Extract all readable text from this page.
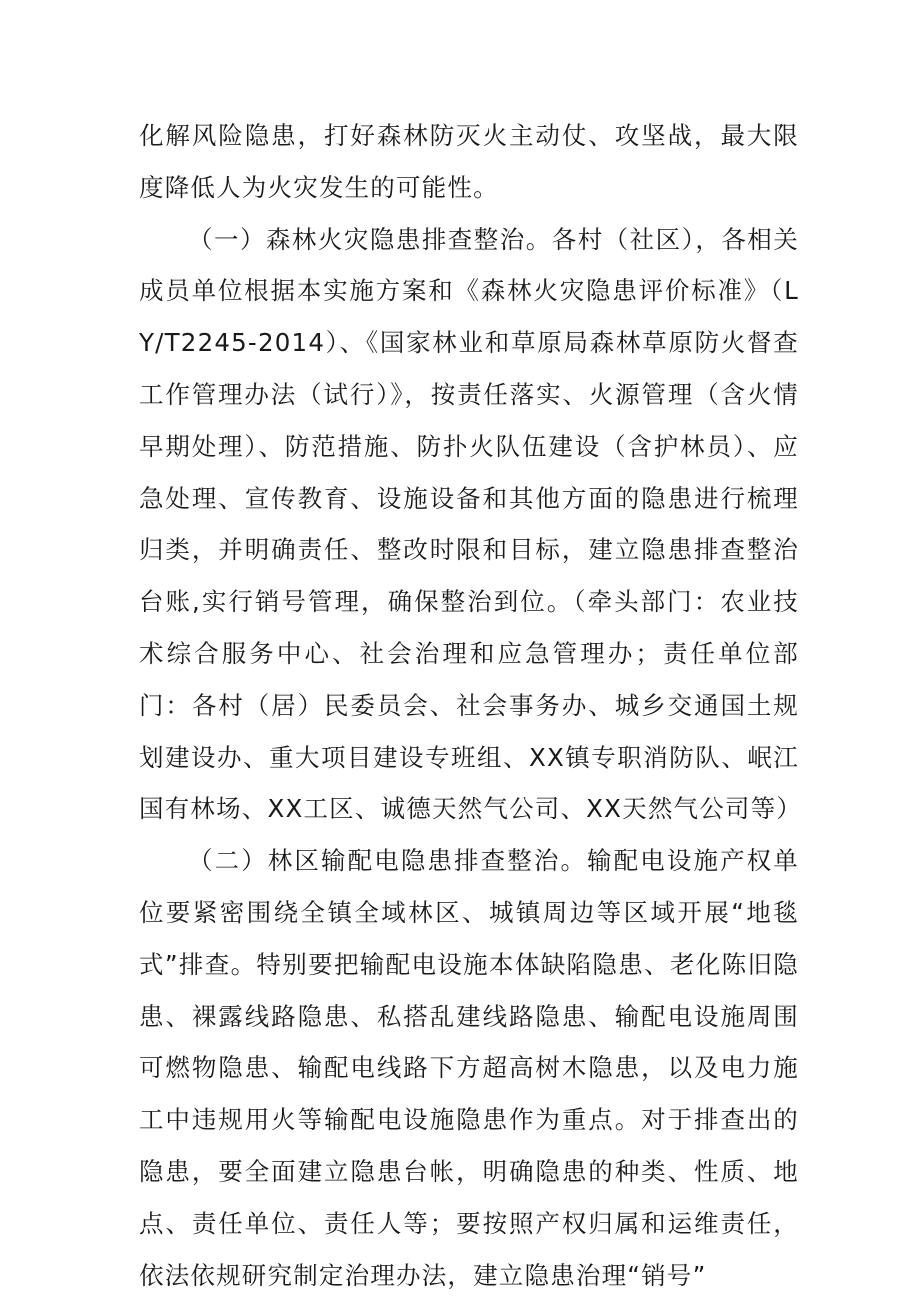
化解风险隐患，打好森林防灭火主动仗、攻坚战，最大限度降低人为火灾发生的可能性。

（一）森林火灾隐患排查整治。各村（社区），各相关成员单位根据本实施方案和《森林火灾隐患评价标准》（LY/T2245-2014）、《国家林业和草原局森林草原防火督查工作管理办法（试行）》，按责任落实、火源管理（含火情早期处理）、防范措施、防扑火队伍建设（含护林员）、应急处理、宣传教育、设施设备和其他方面的隐患进行梳理归类，并明确责任、整改时限和目标，建立隐患排查整治台账,实行销号管理，确保整治到位。（牵头部门：农业技术综合服务中心、社会治理和应急管理办；责任单位部门：各村（居）民委员会、社会事务办、城乡交通国土规划建设办、重大项目建设专班组、XX镇专职消防队、岷江国有林场、XX工区、诚德天然气公司、XX天然气公司等）

（二）林区输配电隐患排查整治。输配电设施产权单位要紧密围绕全镇全域林区、城镇周边等区域开展“地毯式”排查。特别要把输配电设施本体缺陷隐患、老化陈旧隐患、裸露线路隐患、私搭乱建线路隐患、输配电设施周围可燃物隐患、输配电线路下方超高树木隐患，以及电力施工中违规用火等输配电设施隐患作为重点。对于排查出的隐患，要全面建立隐患台帐，明确隐患的种类、性质、地点、责任单位、责任人等；要按照产权归属和运维责任，依法依规研究制定治理办法，建立隐患治理“销号”
